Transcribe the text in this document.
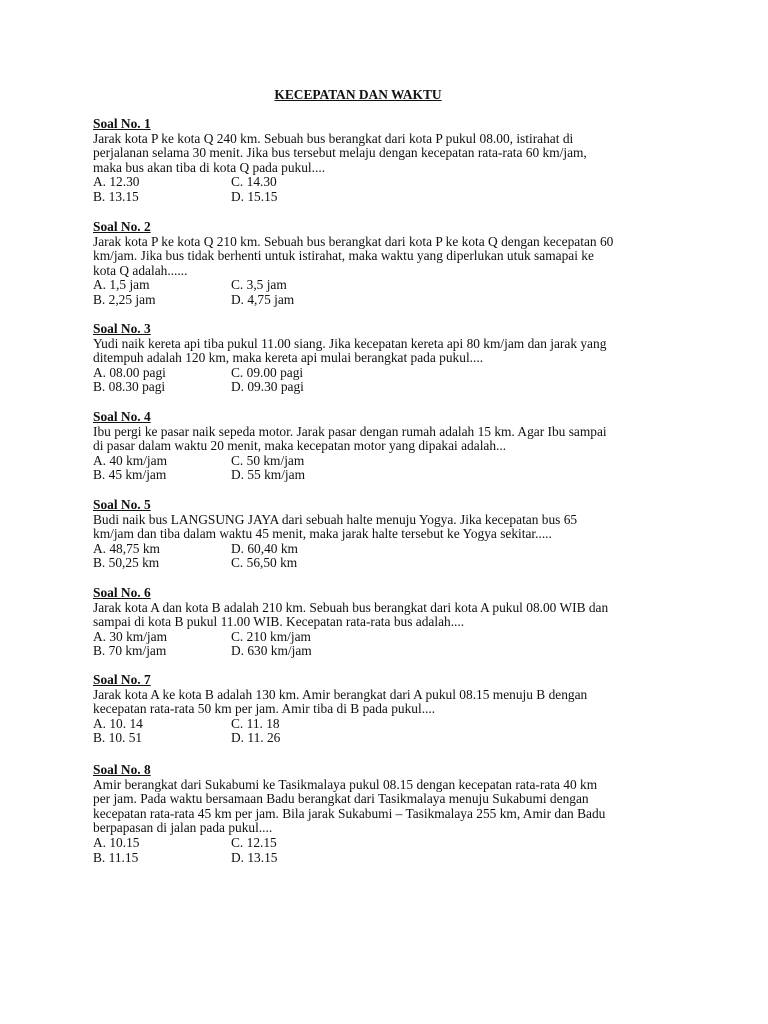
KECEPATAN DAN WAKTU
Soal No. 1
Jarak kota P ke kota Q 240 km. Sebuah bus berangkat dari kota P pukul 08.00, istirahat di
perjalanan selama 30 menit. Jika bus tersebut melaju dengan kecepatan rata-rata 60 km/jam,
maka bus akan tiba di kota Q pada pukul....
A. 12.30	C. 14.30
B. 13.15	D. 15.15
Soal No. 2
Jarak kota P ke kota Q 210 km. Sebuah bus berangkat dari kota P ke kota Q dengan kecepatan 60
km/jam. Jika bus tidak berhenti untuk istirahat, maka waktu yang diperlukan utuk samapai ke
kota Q adalah......
A. 1,5 jam	C. 3,5 jam
B. 2,25 jam	D. 4,75 jam
Soal No. 3
Yudi naik kereta api tiba pukul 11.00 siang. Jika kecepatan kereta api 80 km/jam dan jarak yang
ditempuh adalah 120 km, maka kereta api mulai berangkat pada pukul....
A. 08.00 pagi	C. 09.00 pagi
B. 08.30 pagi	D. 09.30 pagi
Soal No. 4
Ibu pergi ke pasar naik sepeda motor. Jarak pasar dengan rumah adalah 15 km. Agar Ibu sampai
di pasar dalam waktu 20 menit, maka kecepatan motor yang dipakai adalah...
A. 40 km/jam	C. 50 km/jam
B. 45 km/jam	D. 55 km/jam
Soal No. 5
Budi naik bus LANGSUNG JAYA dari sebuah halte menuju Yogya. Jika kecepatan bus 65
km/jam dan tiba dalam waktu 45 menit, maka jarak halte tersebut ke Yogya sekitar.....
A. 48,75 km	D. 60,40 km
B. 50,25 km	C. 56,50 km
Soal No. 6
Jarak kota A dan kota B adalah 210 km. Sebuah bus berangkat dari kota A pukul 08.00 WIB dan
sampai di kota B pukul 11.00 WIB. Kecepatan rata-rata bus adalah....
A. 30 km/jam	C. 210 km/jam
B. 70 km/jam	D. 630 km/jam
Soal No. 7
Jarak kota A ke kota B adalah 130 km. Amir berangkat dari A pukul 08.15 menuju B dengan
kecepatan rata-rata 50 km per jam. Amir tiba di B pada pukul....
A. 10. 14	C. 11. 18
B. 10. 51	D. 11. 26
Soal No. 8
Amir berangkat dari Sukabumi ke Tasikmalaya pukul 08.15 dengan kecepatan rata-rata 40 km
per jam. Pada waktu bersamaan Badu berangkat dari Tasikmalaya menuju Sukabumi dengan
kecepatan rata-rata 45 km per jam. Bila jarak Sukabumi – Tasikmalaya 255 km, Amir dan Badu
berpapasan di jalan pada pukul....
A. 10.15	C. 12.15
B. 11.15	D. 13.15
